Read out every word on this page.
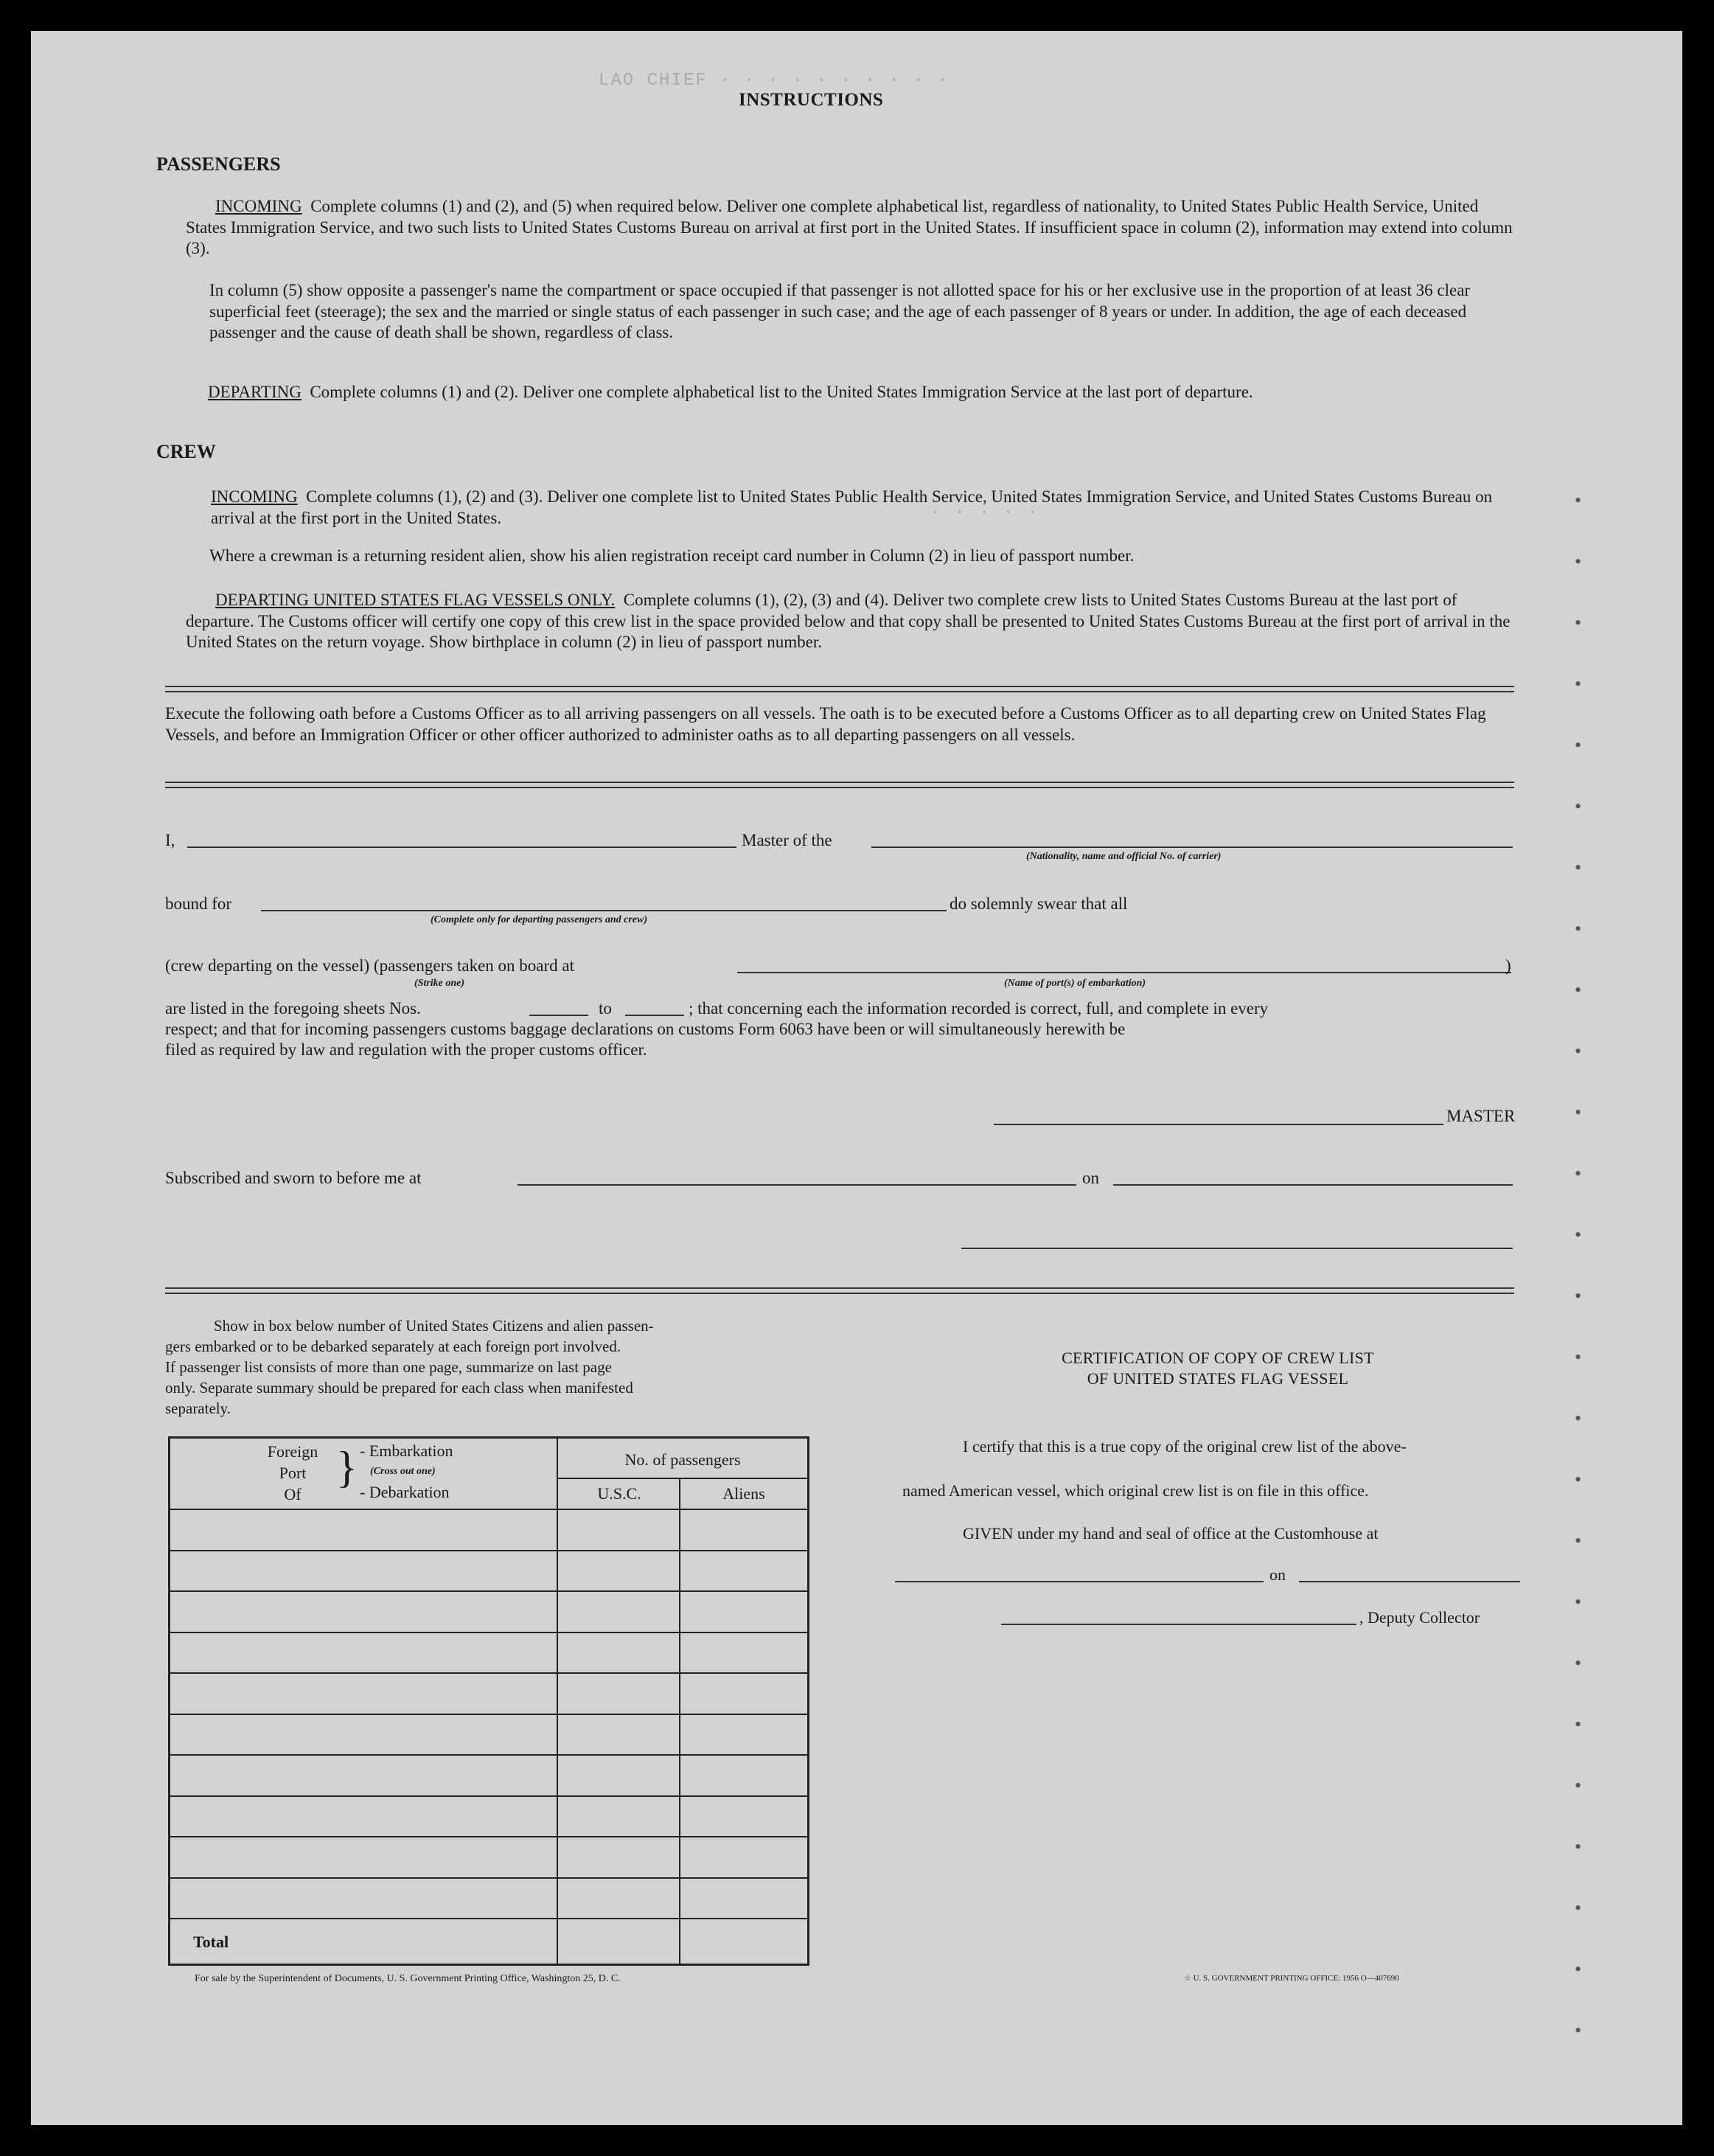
LAO CHIEF · · · · · · · · · ·
· · · · ·
INSTRUCTIONS
PASSENGERS
INCOMING Complete columns (1) and (2), and (5) when required below. Deliver one complete alphabetical list, regardless of nationality, to United States Public Health Service, United States Immigration Service, and two such lists to United States Customs Bureau on arrival at first port in the United States. If insufficient space in column (2), information may extend into column (3).
In column (5) show opposite a passenger's name the compartment or space occupied if that passenger is not allotted space for his or her exclusive use in the proportion of at least 36 clear superficial feet (steerage); the sex and the married or single status of each passenger in such case; and the age of each passenger of 8 years or under. In addition, the age of each deceased passenger and the cause of death shall be shown, regardless of class.
DEPARTING Complete columns (1) and (2). Deliver one complete alphabetical list to the United States Immigration Service at the last port of departure.
CREW
INCOMING Complete columns (1), (2) and (3). Deliver one complete list to United States Public Health Service, United States Immigration Service, and United States Customs Bureau on arrival at the first port in the United States.
Where a crewman is a returning resident alien, show his alien registration receipt card number in Column (2) in lieu of passport number.
DEPARTING UNITED STATES FLAG VESSELS ONLY. Complete columns (1), (2), (3) and (4). Deliver two complete crew lists to United States Customs Bureau at the last port of departure. The Customs officer will certify one copy of this crew list in the space provided below and that copy shall be presented to United States Customs Bureau at the first port of arrival in the United States on the return voyage. Show birthplace in column (2) in lieu of passport number.
Execute the following oath before a Customs Officer as to all arriving passengers on all vessels. The oath is to be executed before a Customs Officer as to all departing crew on United States Flag Vessels, and before an Immigration Officer or other officer authorized to administer oaths as to all departing passengers on all vessels.
I,	Master of the
(Nationality, name and official No. of carrier)
bound for
(Complete only for departing passengers and crew)
do solemnly swear that all
(crew departing on the vessel) (passengers taken on board at	)
(Strike one)	(Name of port(s) of embarkation)
are listed in the foregoing sheets Nos.	to	; that concerning each the information recorded is correct, full, and complete in every
respect; and that for incoming passengers customs baggage declarations on customs Form 6063 have been or will simultaneously herewith be
filed as required by law and regulation with the proper customs officer.
MASTER
Subscribed and sworn to before me at	on
Show in box below number of United States Citizens and alien passen-
gers embarked or to be debarked separately at each foreign port involved.
If passenger list consists of more than one page, summarize on last page
only. Separate summary should be prepared for each class when manifested
separately.
Foreign
Port
Of
} - Embarkation
(Cross out one)
- Debarkation
No. of passengers
U.S.C.	Aliens
Total
CERTIFICATION OF COPY OF CREW LIST
OF UNITED STATES FLAG VESSEL
I certify that this is a true copy of the original crew list of the above-
named American vessel, which original crew list is on file in this office.
GIVEN under my hand and seal of office at the Customhouse at
on
, Deputy Collector
For sale by the Superintendent of Documents, U. S. Government Printing Office, Washington 25, D. C.	☆ U. S. GOVERNMENT PRINTING OFFICE: 1956 O—407690
•
•
•
•
•
•
•
•
•
•
•
•
•
•
•
•
•
•
•
•
•
•
•
•
•
•
